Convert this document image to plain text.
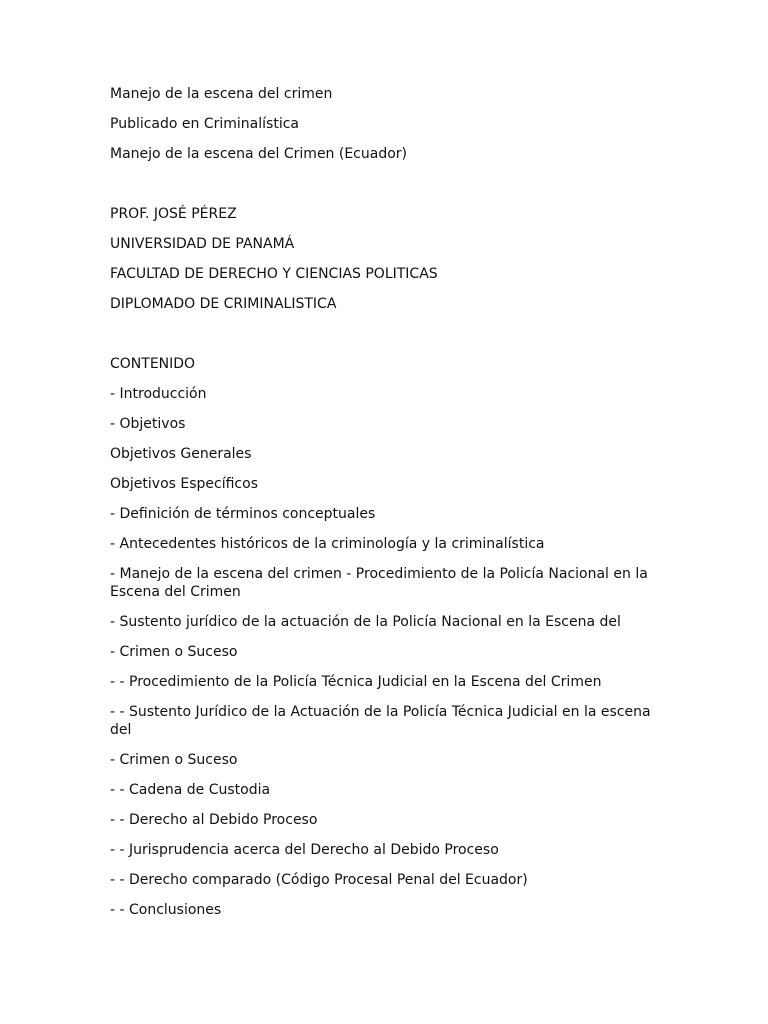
Manejo de la escena del crimen
Publicado en Criminalística
Manejo de la escena del Crimen (Ecuador)
PROF. JOSÉ PÉREZ
UNIVERSIDAD DE PANAMÁ
FACULTAD DE DERECHO Y CIENCIAS POLITICAS
DIPLOMADO DE CRIMINALISTICA
CONTENIDO
- Introducción
- Objetivos
Objetivos Generales
Objetivos Específicos
- Definición de términos conceptuales
- Antecedentes históricos de la criminología y la criminalística
- Manejo de la escena del crimen - Procedimiento de la Policía Nacional en la Escena del Crimen
- Sustento jurídico de la actuación de la Policía Nacional en la Escena del
- Crimen o Suceso
- - Procedimiento de la Policía Técnica Judicial en la Escena del Crimen
- - Sustento Jurídico de la Actuación de la Policía Técnica Judicial en la escena del
- Crimen o Suceso
- - Cadena de Custodia
- - Derecho al Debido Proceso
- - Jurisprudencia acerca del Derecho al Debido Proceso
- - Derecho comparado (Código Procesal Penal del Ecuador)
- - Conclusiones
